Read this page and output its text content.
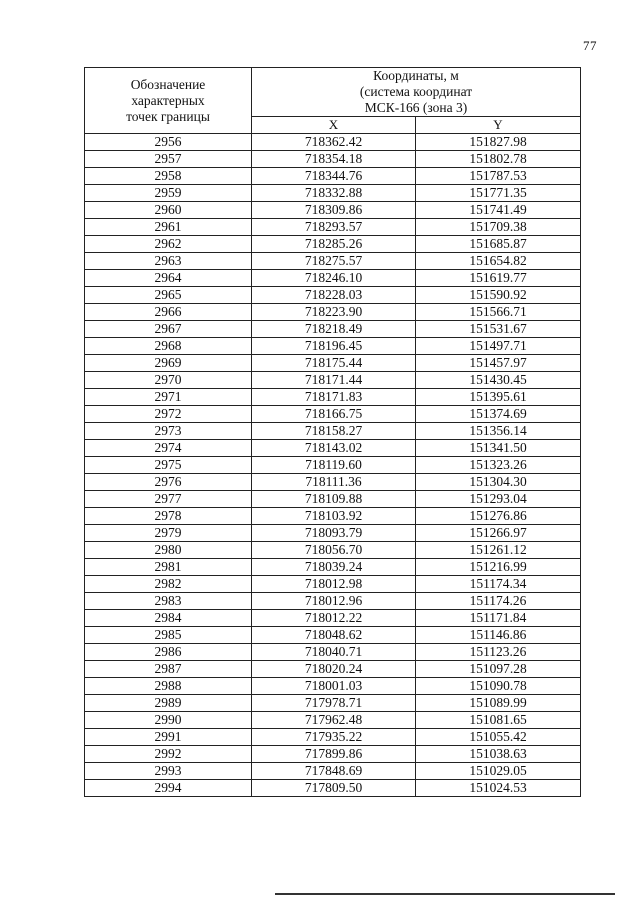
77
Обозначение
характерных
точек границы	Координаты, м
(система координат
МСК-166 (зона 3)	

	X	Y
2956	718362.42	151827.98
2957	718354.18	151802.78
2958	718344.76	151787.53
2959	718332.88	151771.35
2960	718309.86	151741.49
2961	718293.57	151709.38
2962	718285.26	151685.87
2963	718275.57	151654.82
2964	718246.10	151619.77
2965	718228.03	151590.92
2966	718223.90	151566.71
2967	718218.49	151531.67
2968	718196.45	151497.71
2969	718175.44	151457.97
2970	718171.44	151430.45
2971	718171.83	151395.61
2972	718166.75	151374.69
2973	718158.27	151356.14
2974	718143.02	151341.50
2975	718119.60	151323.26
2976	718111.36	151304.30
2977	718109.88	151293.04
2978	718103.92	151276.86
2979	718093.79	151266.97
2980	718056.70	151261.12
2981	718039.24	151216.99
2982	718012.98	151174.34
2983	718012.96	151174.26
2984	718012.22	151171.84
2985	718048.62	151146.86
2986	718040.71	151123.26
2987	718020.24	151097.28
2988	718001.03	151090.78
2989	717978.71	151089.99
2990	717962.48	151081.65
2991	717935.22	151055.42
2992	717899.86	151038.63
2993	717848.69	151029.05
2994	717809.50	151024.53
